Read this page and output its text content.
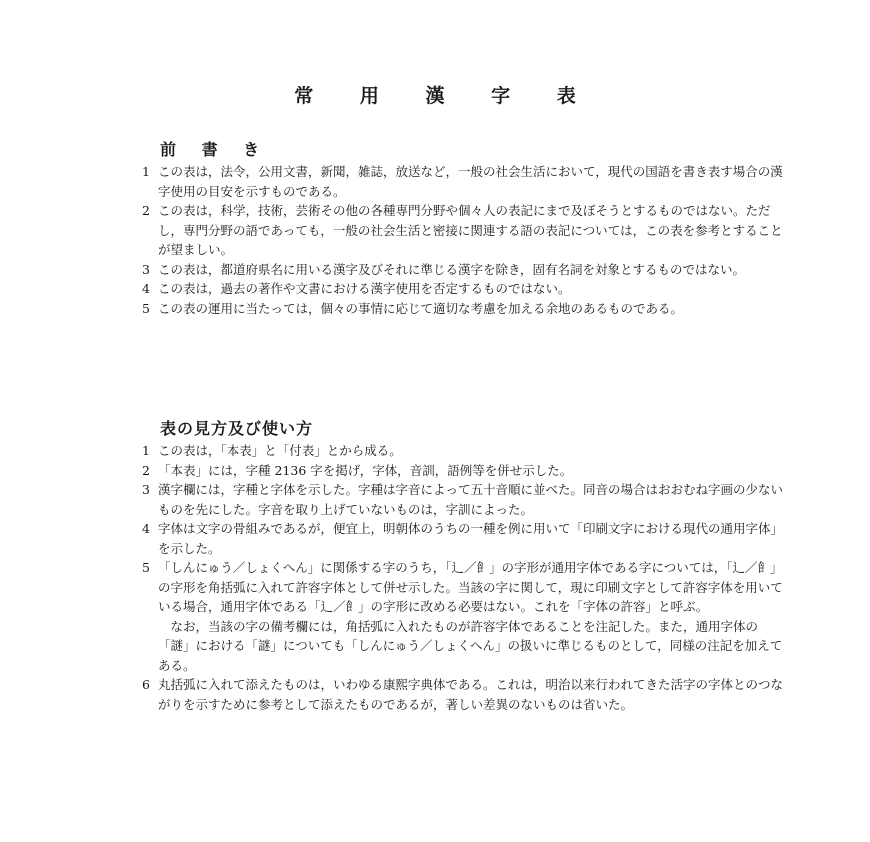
常 用 漢 字 表
前 書 き
1 この表は，法令，公用文書，新聞，雑誌，放送など，一般の社会生活において，現代の国語を書き表す場合の漢字使用の目安を示すものである。

2 この表は，科学，技術，芸術その他の各種専門分野や個々人の表記にまで及ぼそうとするものではない。ただし，専門分野の語であっても，一般の社会生活と密接に関連する語の表記については，この表を参考とすることが望ましい。

3 この表は，都道府県名に用いる漢字及びそれに準じる漢字を除き，固有名詞を対象とするものではない。

4 この表は，過去の著作や文書における漢字使用を否定するものではない。

5 この表の運用に当たっては，個々の事情に応じて適切な考慮を加える余地のあるものである。

表の見方及び使い方
1 この表は，「本表」と「付表」とから成る。

2 「本表」には，字種 2136 字を掲げ，字体，音訓，語例等を併せ示した。

3 漢字欄には，字種と字体を示した。字種は字音によって五十音順に並べた。同音の場合はおおむね字画の少ないものを先にした。字音を取り上げていないものは，字訓によった。

4 字体は文字の骨組みであるが，便宜上，明朝体のうちの一種を例に用いて「印刷文字における現代の通用字体」を示した。

5 「しんにゅう／しょくへん」に関係する字のうち，「辶／飠」の字形が通用字体である字については，「辶／飠」の字形を角括弧に入れて許容字体として併せ示した。当該の字に関して，現に印刷文字として許容字体を用いている場合，通用字体である「辶／飠」の字形に改める必要はない。これを「字体の許容」と呼ぶ。

なお，当該の字の備考欄には，角括弧に入れたものが許容字体であることを注記した。また，通用字体の「謎」における「謎」についても「しんにゅう／しょくへん」の扱いに準じるものとして，同様の注記を加えてある。

6 丸括弧に入れて添えたものは，いわゆる康熙字典体である。これは，明治以来行われてきた活字の字体とのつながりを示すために参考として添えたものであるが，著しい差異のないものは省いた。
